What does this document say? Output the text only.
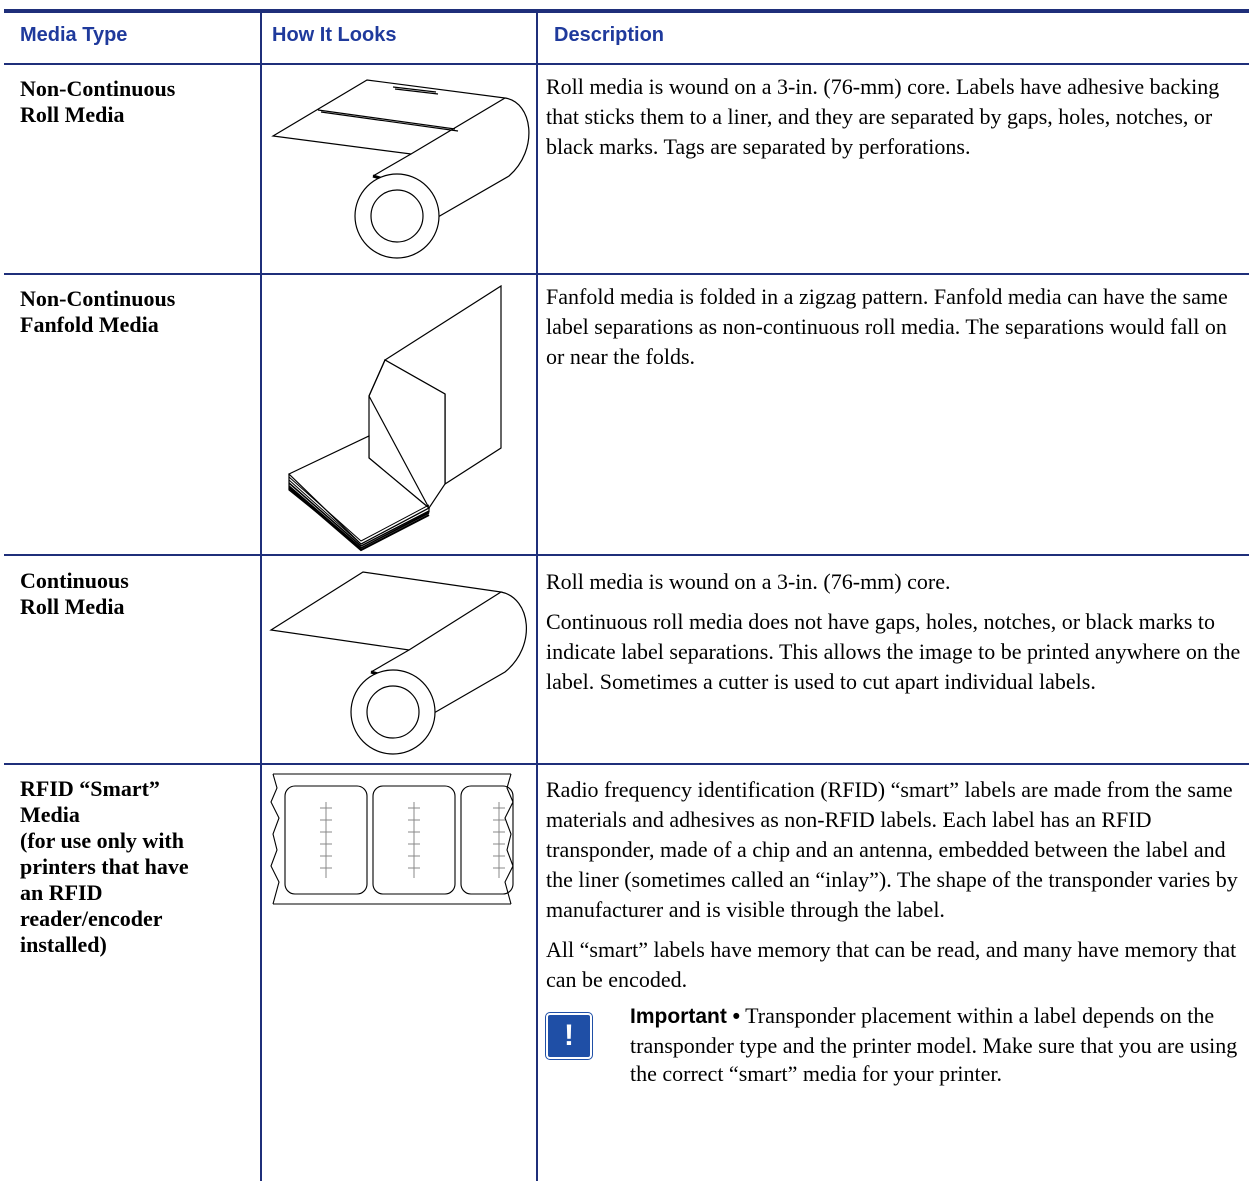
Media Type	How It Looks	Description
Non-Continuous
Roll Media

Roll media is wound on a 3-in. (76-mm) core. Labels have adhesive backing that sticks them to a liner, and they are separated by gaps, holes, notches, or black marks. Tags are separated by perforations.

Non-Continuous
Fanfold Media

Fanfold media is folded in a zigzag pattern. Fanfold media can have the same label separations as non-continuous roll media. The separations would fall on or near the folds.

Continuous
Roll Media

Roll media is wound on a 3-in. (76-mm) core.

Continuous roll media does not have gaps, holes, notches, or black marks to indicate label separations. This allows the image to be printed anywhere on the label. Sometimes a cutter is used to cut apart individual labels.

RFID “Smart”
Media
(for use only with
printers that have
an RFID
reader/encoder
installed)

Radio frequency identification (RFID) “smart” labels are made from the same materials and adhesives as non-RFID labels. Each label has an RFID transponder, made of a chip and an antenna, embedded between the label and the liner (sometimes called an “inlay”). The shape of the transponder varies by manufacturer and is visible through the label.

All “smart” labels have memory that can be read, and many have memory that can be encoded.

!
Important • Transponder placement within a label depends on the transponder type and the printer model. Make sure that you are using the correct “smart” media for your printer.
